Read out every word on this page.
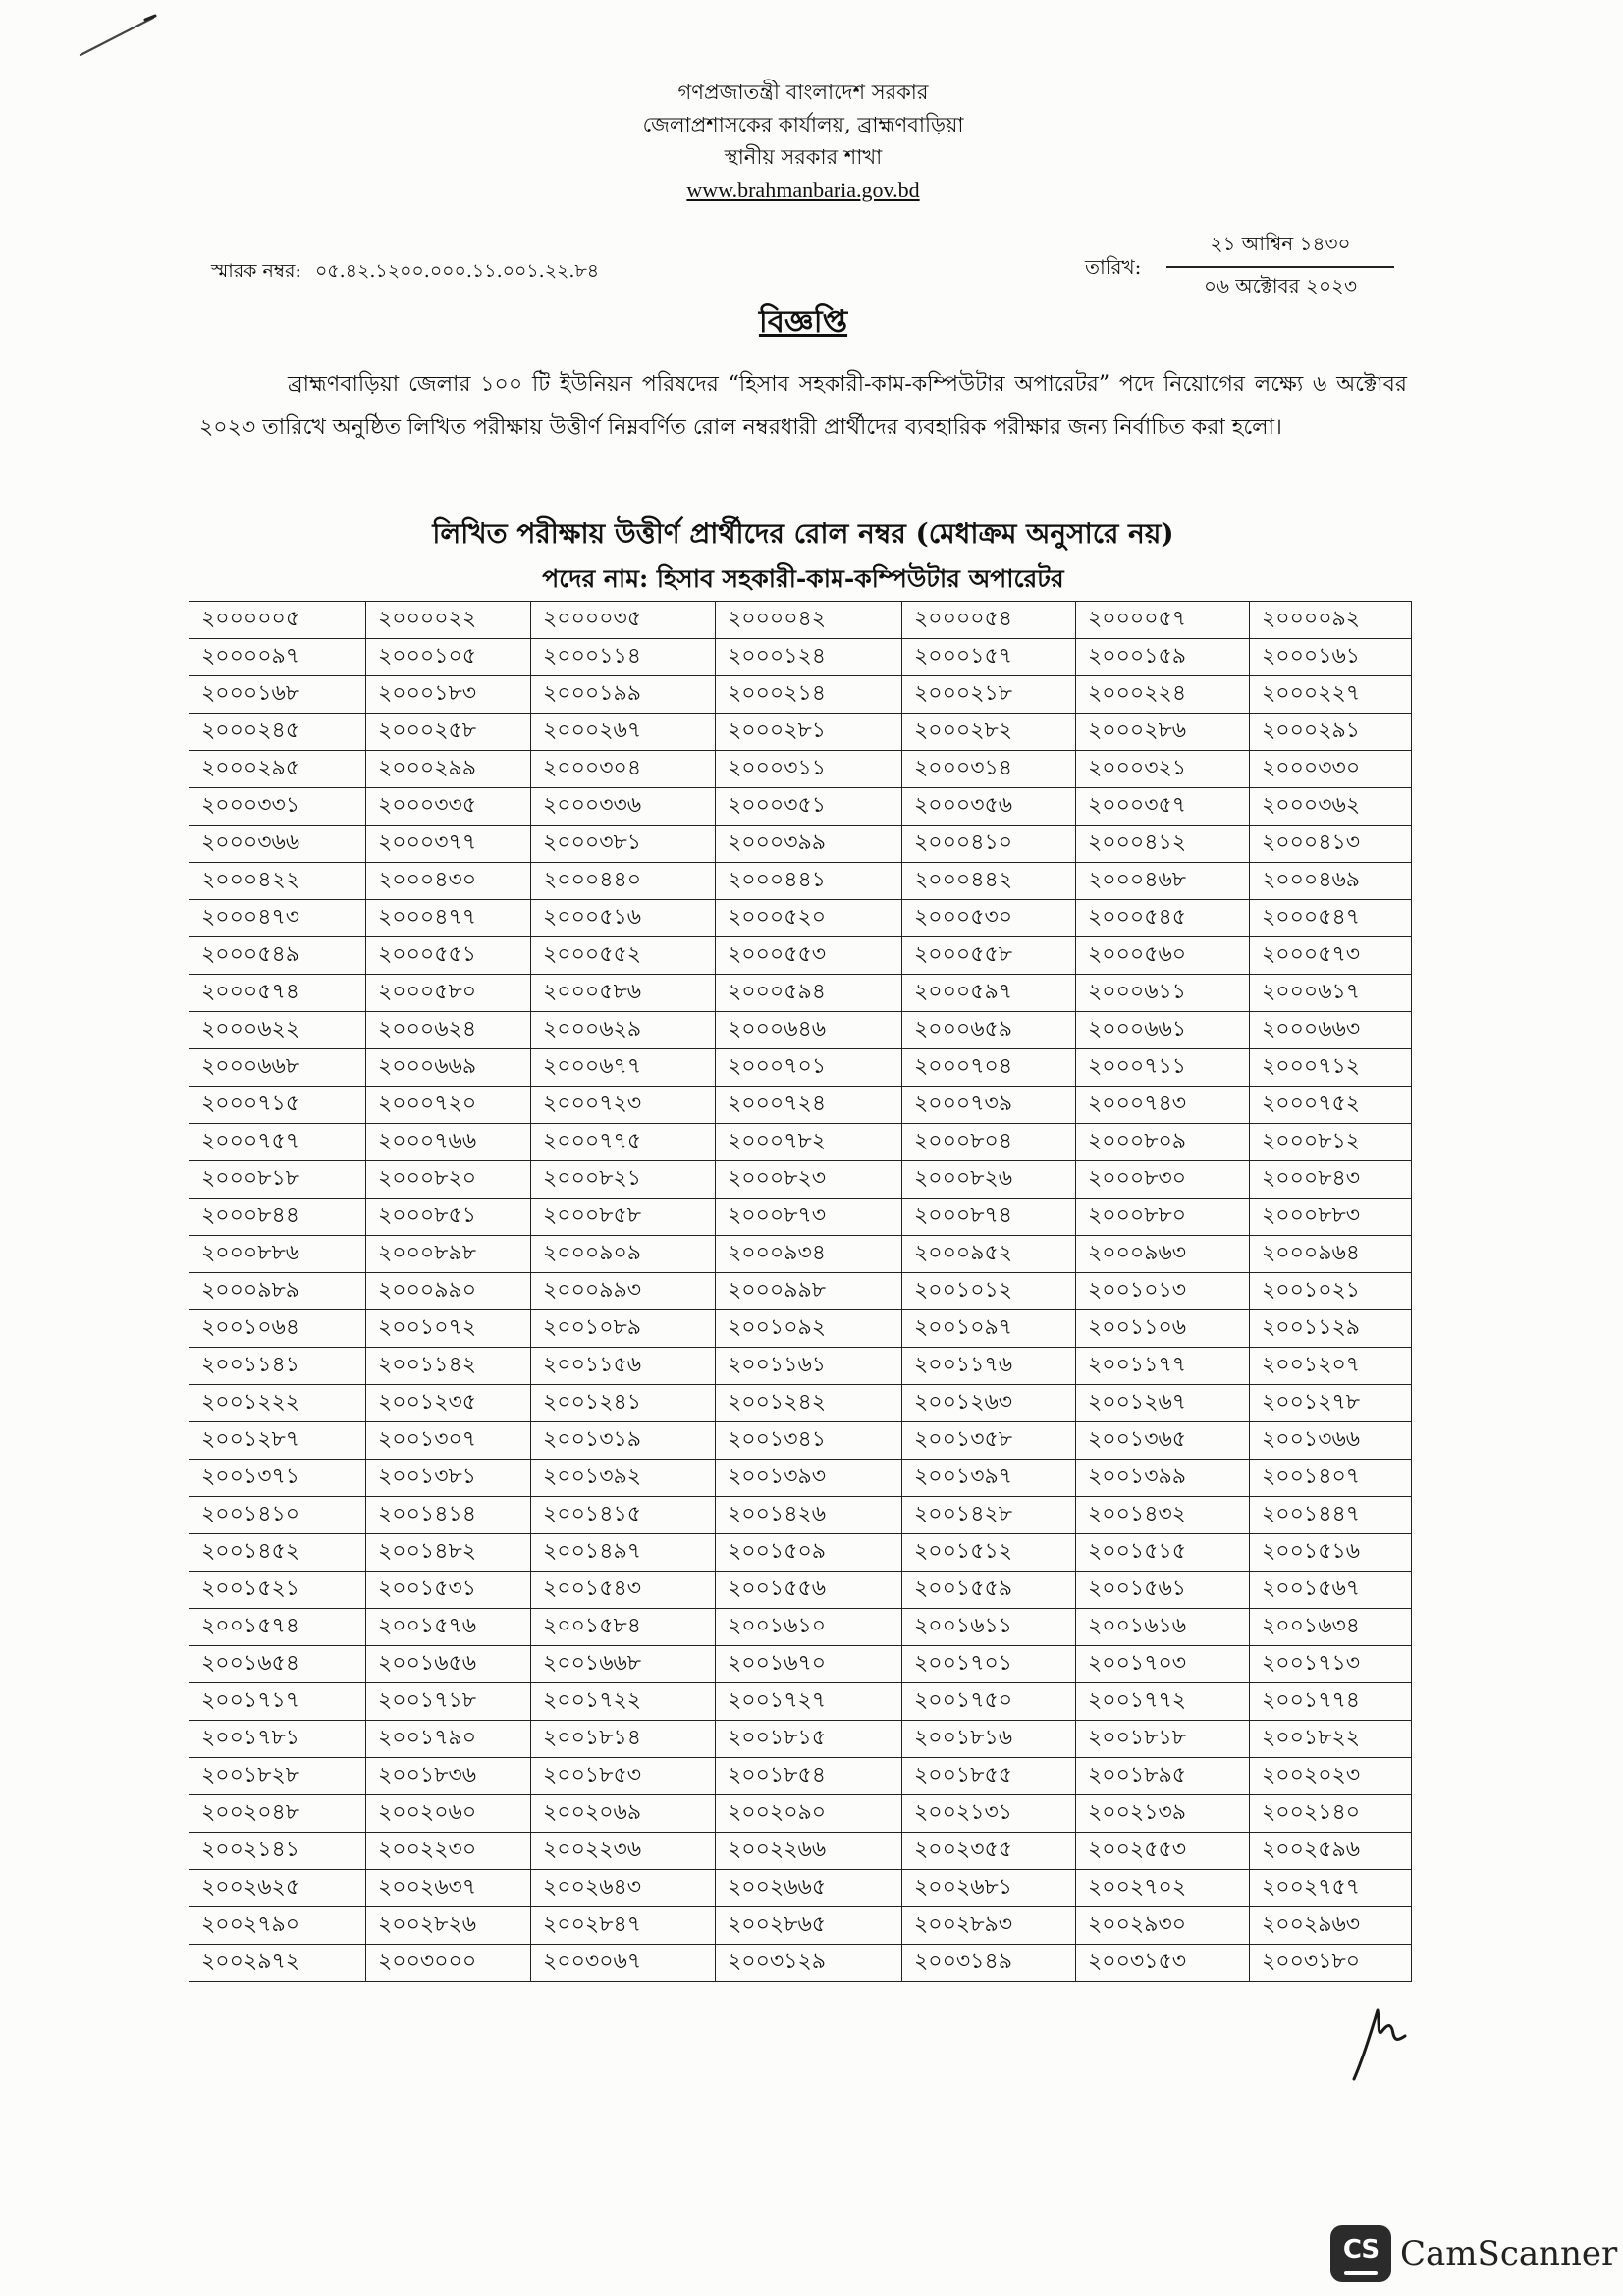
গণপ্রজাতন্ত্রী বাংলাদেশ সরকার
জেলাপ্রশাসকের কার্যালয়, ব্রাহ্মণবাড়িয়া
স্থানীয় সরকার শাখা
www.brahmanbaria.gov.bd
স্মারক নম্বর: ০৫.৪২.১২০০.০০০.১১.০০১.২২.৮৪	তারিখ:
২১ আশ্বিন ১৪৩০
০৬ অক্টোবর ২০২৩
বিজ্ঞপ্তি
ব্রাহ্মণবাড়িয়া জেলার ১০০ টি ইউনিয়ন পরিষদের “হিসাব সহকারী-কাম-কম্পিউটার অপারেটর” পদে নিয়োগের লক্ষ্যে ৬ অক্টোবর ২০২৩ তারিখে অনুষ্ঠিত লিখিত পরীক্ষায় উত্তীর্ণ নিম্নবর্ণিত রোল নম্বরধারী প্রার্থীদের ব্যবহারিক পরীক্ষার জন্য নির্বাচিত করা হলো।
লিখিত পরীক্ষায় উত্তীর্ণ প্রার্থীদের রোল নম্বর (মেধাক্রম অনুসারে নয়)
পদের নাম: হিসাব সহকারী-কাম-কম্পিউটার অপারেটর
২০০০০০৫	২০০০০২২	২০০০০৩৫	২০০০০৪২	২০০০০৫৪	২০০০০৫৭	২০০০০৯২
২০০০০৯৭	২০০০১০৫	২০০০১১৪	২০০০১২৪	২০০০১৫৭	২০০০১৫৯	২০০০১৬১
২০০০১৬৮	২০০০১৮৩	২০০০১৯৯	২০০০২১৪	২০০০২১৮	২০০০২২৪	২০০০২২৭
২০০০২৪৫	২০০০২৫৮	২০০০২৬৭	২০০০২৮১	২০০০২৮২	২০০০২৮৬	২০০০২৯১
২০০০২৯৫	২০০০২৯৯	২০০০৩০৪	২০০০৩১১	২০০০৩১৪	২০০০৩২১	২০০০৩৩০
২০০০৩৩১	২০০০৩৩৫	২০০০৩৩৬	২০০০৩৫১	২০০০৩৫৬	২০০০৩৫৭	২০০০৩৬২
২০০০৩৬৬	২০০০৩৭৭	২০০০৩৮১	২০০০৩৯৯	২০০০৪১০	২০০০৪১২	২০০০৪১৩
২০০০৪২২	২০০০৪৩০	২০০০৪৪০	২০০০৪৪১	২০০০৪৪২	২০০০৪৬৮	২০০০৪৬৯
২০০০৪৭৩	২০০০৪৭৭	২০০০৫১৬	২০০০৫২০	২০০০৫৩০	২০০০৫৪৫	২০০০৫৪৭
২০০০৫৪৯	২০০০৫৫১	২০০০৫৫২	২০০০৫৫৩	২০০০৫৫৮	২০০০৫৬০	২০০০৫৭৩
২০০০৫৭৪	২০০০৫৮০	২০০০৫৮৬	২০০০৫৯৪	২০০০৫৯৭	২০০০৬১১	২০০০৬১৭
২০০০৬২২	২০০০৬২৪	২০০০৬২৯	২০০০৬৪৬	২০০০৬৫৯	২০০০৬৬১	২০০০৬৬৩
২০০০৬৬৮	২০০০৬৬৯	২০০০৬৭৭	২০০০৭০১	২০০০৭০৪	২০০০৭১১	২০০০৭১২
২০০০৭১৫	২০০০৭২০	২০০০৭২৩	২০০০৭২৪	২০০০৭৩৯	২০০০৭৪৩	২০০০৭৫২
২০০০৭৫৭	২০০০৭৬৬	২০০০৭৭৫	২০০০৭৮২	২০০০৮০৪	২০০০৮০৯	২০০০৮১২
২০০০৮১৮	২০০০৮২০	২০০০৮২১	২০০০৮২৩	২০০০৮২৬	২০০০৮৩০	২০০০৮৪৩
২০০০৮৪৪	২০০০৮৫১	২০০০৮৫৮	২০০০৮৭৩	২০০০৮৭৪	২০০০৮৮০	২০০০৮৮৩
২০০০৮৮৬	২০০০৮৯৮	২০০০৯০৯	২০০০৯৩৪	২০০০৯৫২	২০০০৯৬৩	২০০০৯৬৪
২০০০৯৮৯	২০০০৯৯০	২০০০৯৯৩	২০০০৯৯৮	২০০১০১২	২০০১০১৩	২০০১০২১
২০০১০৬৪	২০০১০৭২	২০০১০৮৯	২০০১০৯২	২০০১০৯৭	২০০১১০৬	২০০১১২৯
২০০১১৪১	২০০১১৪২	২০০১১৫৬	২০০১১৬১	২০০১১৭৬	২০০১১৭৭	২০০১২০৭
২০০১২২২	২০০১২৩৫	২০০১২৪১	২০০১২৪২	২০০১২৬৩	২০০১২৬৭	২০০১২৭৮
২০০১২৮৭	২০০১৩০৭	২০০১৩১৯	২০০১৩৪১	২০০১৩৫৮	২০০১৩৬৫	২০০১৩৬৬
২০০১৩৭১	২০০১৩৮১	২০০১৩৯২	২০০১৩৯৩	২০০১৩৯৭	২০০১৩৯৯	২০০১৪০৭
২০০১৪১০	২০০১৪১৪	২০০১৪১৫	২০০১৪২৬	২০০১৪২৮	২০০১৪৩২	২০০১৪৪৭
২০০১৪৫২	২০০১৪৮২	২০০১৪৯৭	২০০১৫০৯	২০০১৫১২	২০০১৫১৫	২০০১৫১৬
২০০১৫২১	২০০১৫৩১	২০০১৫৪৩	২০০১৫৫৬	২০০১৫৫৯	২০০১৫৬১	২০০১৫৬৭
২০০১৫৭৪	২০০১৫৭৬	২০০১৫৮৪	২০০১৬১০	২০০১৬১১	২০০১৬১৬	২০০১৬৩৪
২০০১৬৫৪	২০০১৬৫৬	২০০১৬৬৮	২০০১৬৭০	২০০১৭০১	২০০১৭০৩	২০০১৭১৩
২০০১৭১৭	২০০১৭১৮	২০০১৭২২	২০০১৭২৭	২০০১৭৫০	২০০১৭৭২	২০০১৭৭৪
২০০১৭৮১	২০০১৭৯০	২০০১৮১৪	২০০১৮১৫	২০০১৮১৬	২০০১৮১৮	২০০১৮২২
২০০১৮২৮	২০০১৮৩৬	২০০১৮৫৩	২০০১৮৫৪	২০০১৮৫৫	২০০১৮৯৫	২০০২০২৩
২০০২০৪৮	২০০২০৬০	২০০২০৬৯	২০০২০৯০	২০০২১৩১	২০০২১৩৯	২০০২১৪০
২০০২১৪১	২০০২২৩০	২০০২২৩৬	২০০২২৬৬	২০০২৩৫৫	২০০২৫৫৩	২০০২৫৯৬
২০০২৬২৫	২০০২৬৩৭	২০০২৬৪৩	২০০২৬৬৫	২০০২৬৮১	২০০২৭০২	২০০২৭৫৭
২০০২৭৯০	২০০২৮২৬	২০০২৮৪৭	২০০২৮৬৫	২০০২৮৯৩	২০০২৯৩০	২০০২৯৬৩
২০০২৯৭২	২০০৩০০০	২০০৩০৬৭	২০০৩১২৯	২০০৩১৪৯	২০০৩১৫৩	২০০৩১৮০
CS CamScanner
